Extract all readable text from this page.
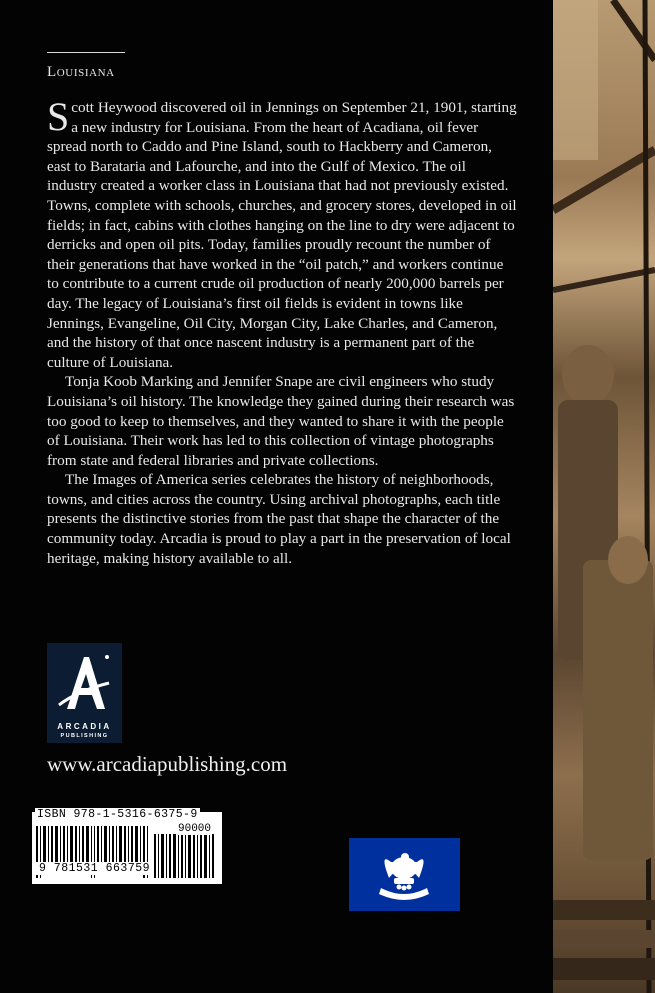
Louisiana

Scott Heywood discovered oil in Jennings on September 21, 1901, starting a new industry for Louisiana. From the heart of Acadiana, oil fever spread north to Caddo and Pine Island, south to Hackberry and Cameron, east to Barataria and Lafourche, and into the Gulf of Mexico. The oil industry created a worker class in Louisiana that had not previously existed. Towns, complete with schools, churches, and grocery stores, developed in oil fields; in fact, cabins with clothes hanging on the line to dry were adjacent to derricks and open oil pits. Today, families proudly recount the number of their generations that have worked in the “oil patch,” and workers continue to contribute to a current crude oil production of nearly 200,000 barrels per day. The legacy of Louisiana’s first oil fields is evident in towns like Jennings, Evangeline, Oil City, Morgan City, Lake Charles, and Cameron, and the history of that once nascent industry is a permanent part of the culture of Louisiana.

Tonja Koob Marking and Jennifer Snape are civil engineers who study Louisiana’s oil history. The knowledge they gained during their research was too good to keep to themselves, and they wanted to share it with the people of Louisiana. Their work has led to this collection of vintage photographs from state and federal libraries and private collections.

The Images of America series celebrates the history of neighborhoods, towns, and cities across the country. Using archival photographs, each title presents the distinctive stories from the past that shape the character of the community today. Arcadia is proud to play a part in the preservation of local heritage, making history available to all.

ARCADIA
PUBLISHING
www.arcadiapublishing.com
ISBN 978-1-5316-6375-9
90000
9 781531 663759
